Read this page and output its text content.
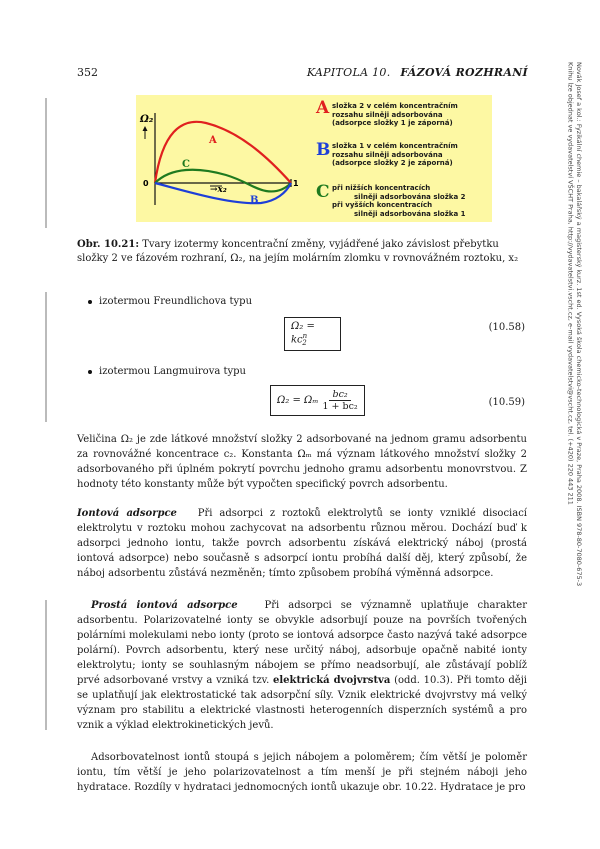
352	KAPITOLA 10. FÁZOVÁ ROZHRANÍ	Novák Josef a kol.: Fyzikální chemie – bakalářský a magisterský kurz. 1st ed. Vysoká škola chemicko-technologická v Praze, Praha 2008. ISBN 978-80-7080-675-3
Knihu lze objednat ve vydavatelství VŠCHT Praha, http://vydavatelstvi.vscht.cz, e-mail vydavatelstvi@vscht.cz, tel. (+420) 220 443 211
Ω₂
0	1
→x₂
A
C
B
A složka 2 v celém koncentračním
rozsahu silněji adsorbována
(adsorpce složky 1 je záporná)
B složka 1 v celém koncentračním
rozsahu silněji adsorbována
(adsorpce složky 2 je záporná)
C při nižších koncentracích
silněji adsorbována složka 2
při vyšších koncentracích
silněji adsorbována složka 1
Obr. 10.21: Tvary izotermy koncentrační změny, vyjádřené jako závislost přebytku složky 2 ve fázovém rozhraní, Ω₂, na jejím molárním zlomku v rovnovážném roztoku, x₂
izotermou Freundlichova typu
$\Omega_2 = kc^n_2$
(10.58)
izotermou Langmuirova typu
Ω₂ = Ωₘ $\frac{\text{bc₂}}{\text{1 + bc₂}}$	(10.59)
Veličina Ω₂ je zde látkové množství složky 2 adsorbované na jednom gramu adsorbentu za rovnovážné koncentrace c₂. Konstanta Ωₘ má význam látkového množství složky 2 adsorbovaného při úplném pokrytí povrchu jednoho gramu adsorbentu monovrstvou. Z hodnoty této konstanty může být vypočten specifický povrch adsorbentu.
Iontová adsorpce Při adsorpci z roztoků elektrolytů se ionty vzniklé disociací elektrolytu v roztoku mohou zachycovat na adsorbentu různou měrou. Dochází buď k adsorpci jednoho iontu, takže povrch adsorbentu získává elektrický náboj (prostá iontová adsorpce) nebo současně s adsorpcí iontu probíhá další děj, který způsobí, že náboj adsorbentu zůstává nezměněn; tímto způsobem probíhá výměnná adsorpce.
Prostá iontová adsorpce	Při adsorpci se významně uplatňuje charakter adsorbentu. Polarizovatelné ionty se obvykle adsorbují pouze na površích tvořených polárními molekulami nebo ionty (proto se iontová adsorpce často nazývá také adsorpce polární). Povrch adsorbentu, který nese určitý náboj, adsorbuje opačně nabité ionty elektrolytu; ionty se souhlasným nábojem se přímo neadsorbují, ale zůstávají poblíž prvé adsorbované vrstvy a vzniká tzv. elektrická dvojvrstva (odd. 10.3). Při tomto ději se uplatňují jak elektrostatické tak adsorpční síly. Vznik elektrické dvojvrstvy má velký význam pro stabilitu a elektrické vlastnosti heterogenních disperzních systémů a pro vznik a výklad elektrokinetických jevů.
Adsorbovatelnost iontů stoupá s jejich nábojem a poloměrem; čím větší je poloměr iontu, tím větší je jeho polarizovatelnost a tím menší je při stejném náboji jeho hydratace. Rozdíly v hydrataci jednomocných iontů ukazuje obr. 10.22. Hydratace je pro
